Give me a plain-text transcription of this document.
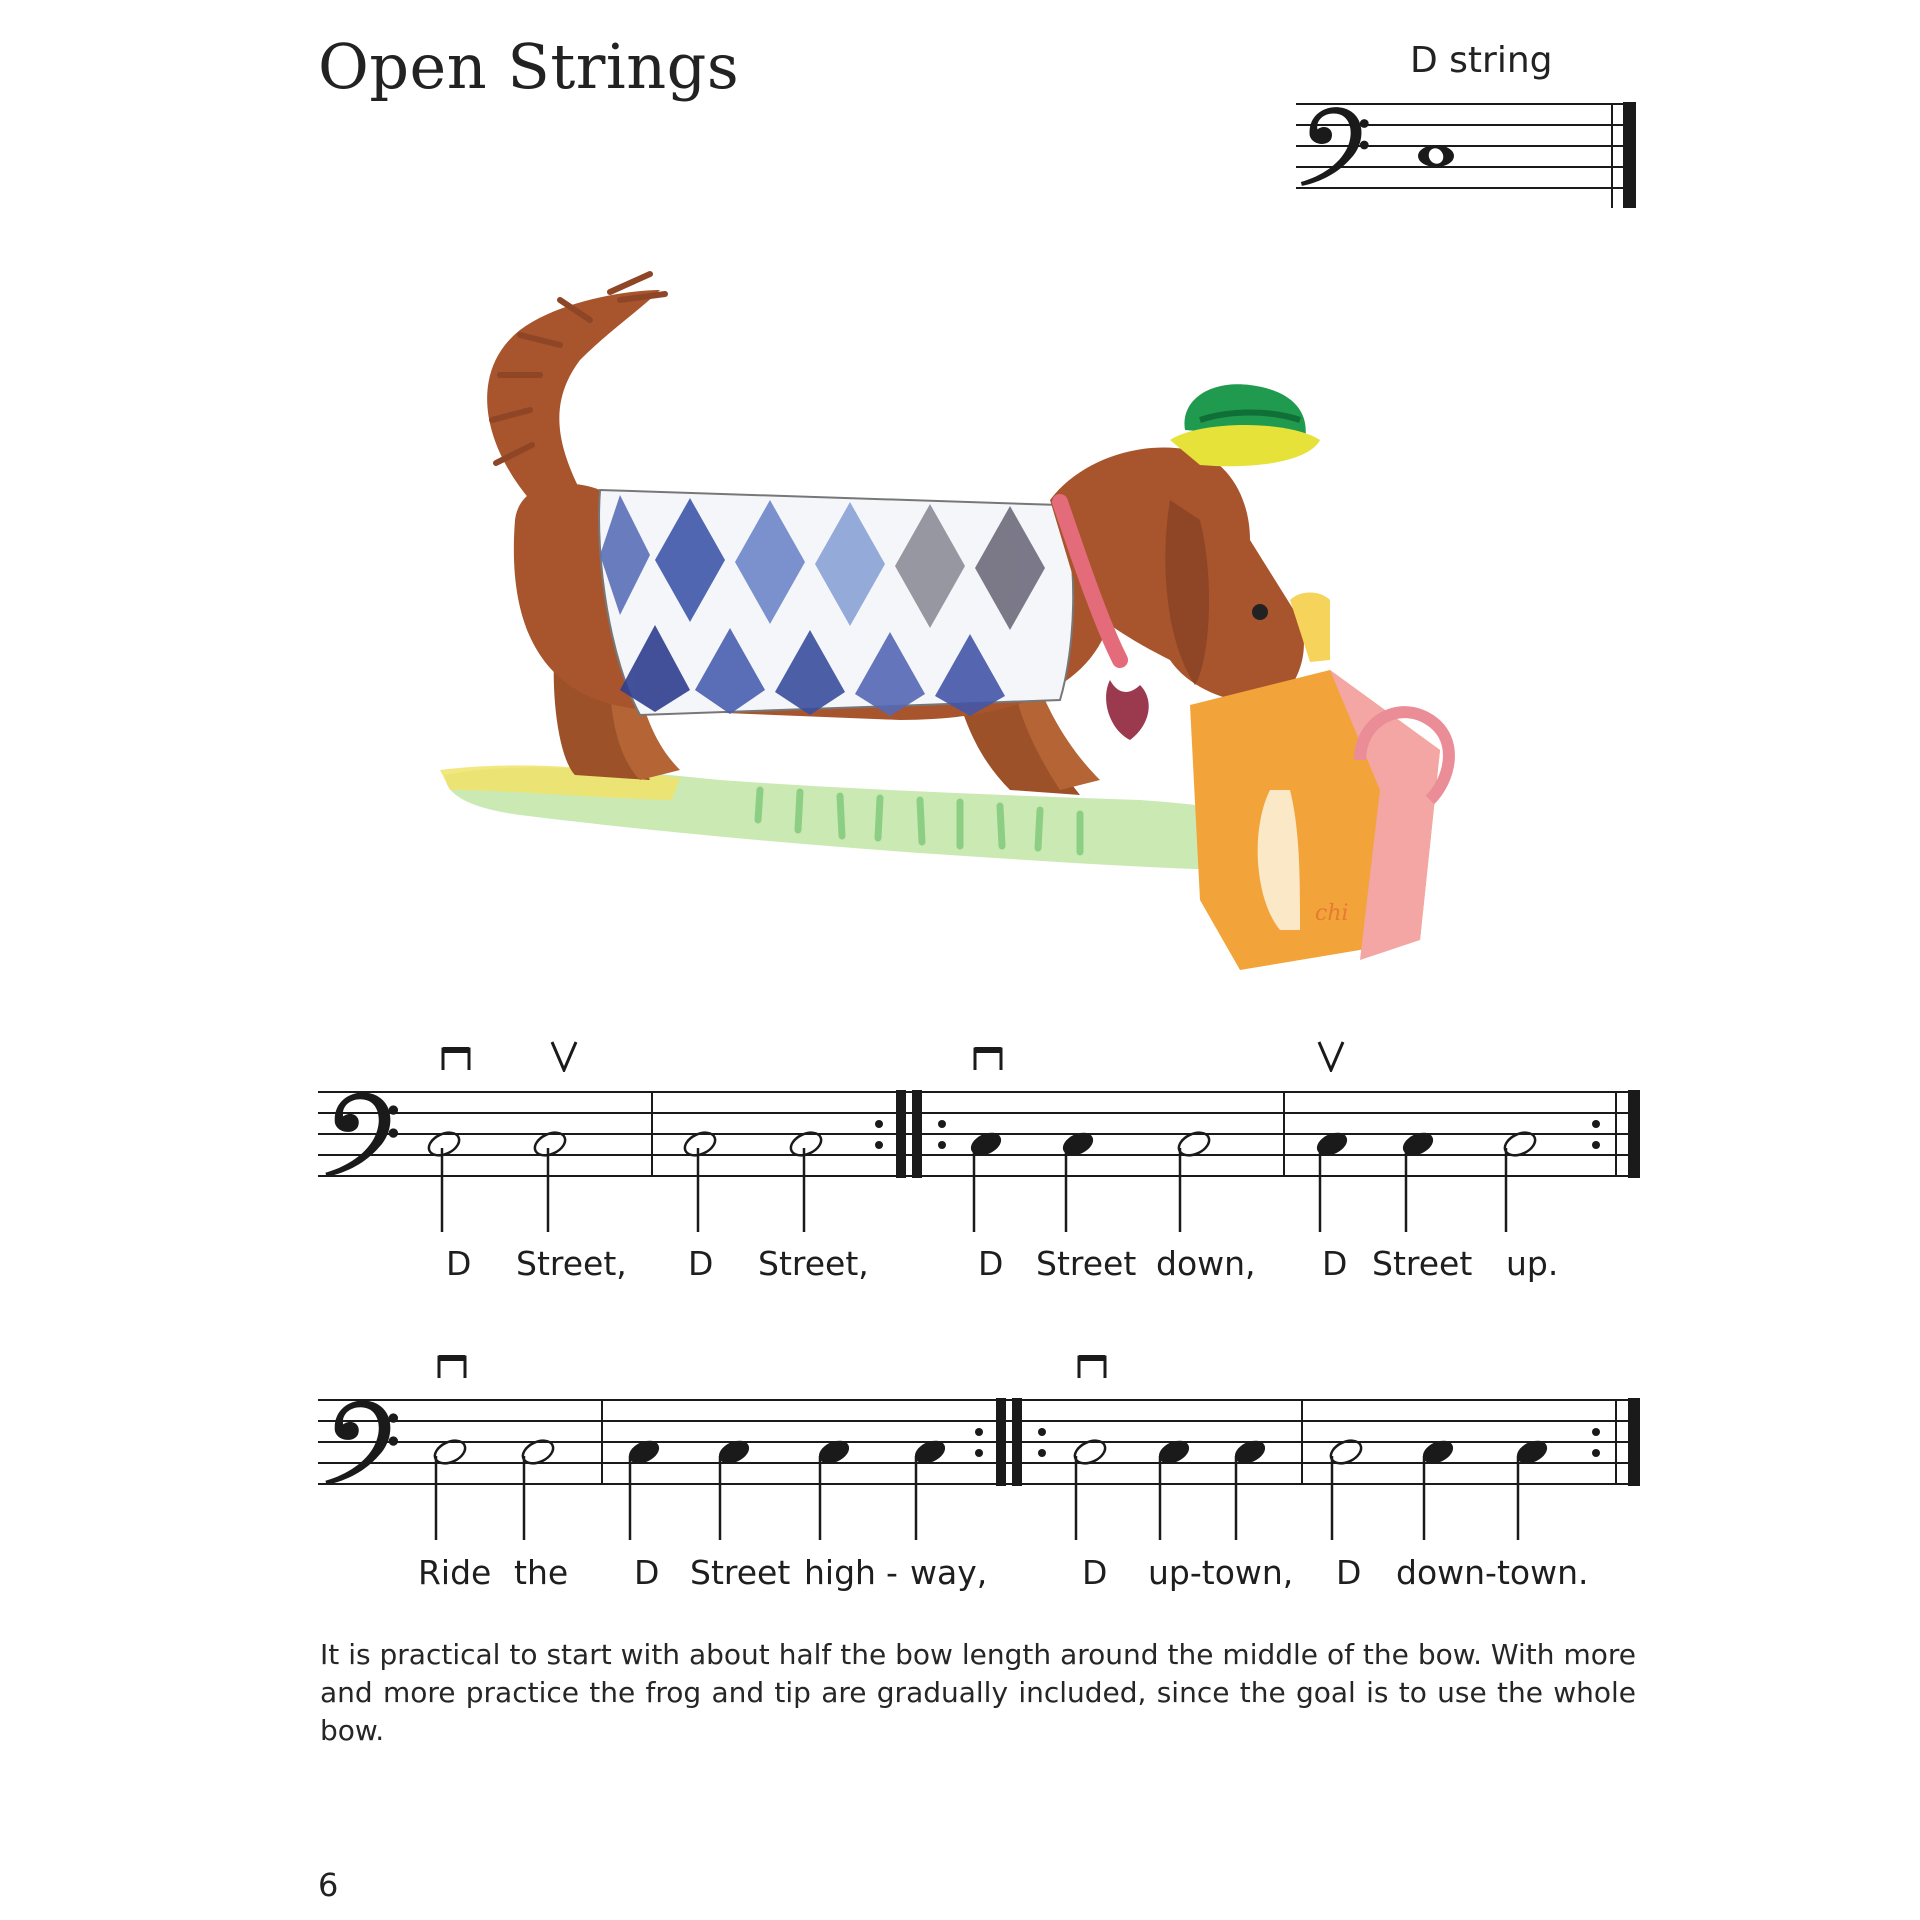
Open Strings	D string
chi
D Street, D Street,	D Street down, D Street up.
Ride the D Street high - way,	D up-town, D down-town.

It is practical to start with about half the bow length around the middle of the bow. With more and more practice the frog and tip are gradually included, since the goal is to use the whole bow.

6
